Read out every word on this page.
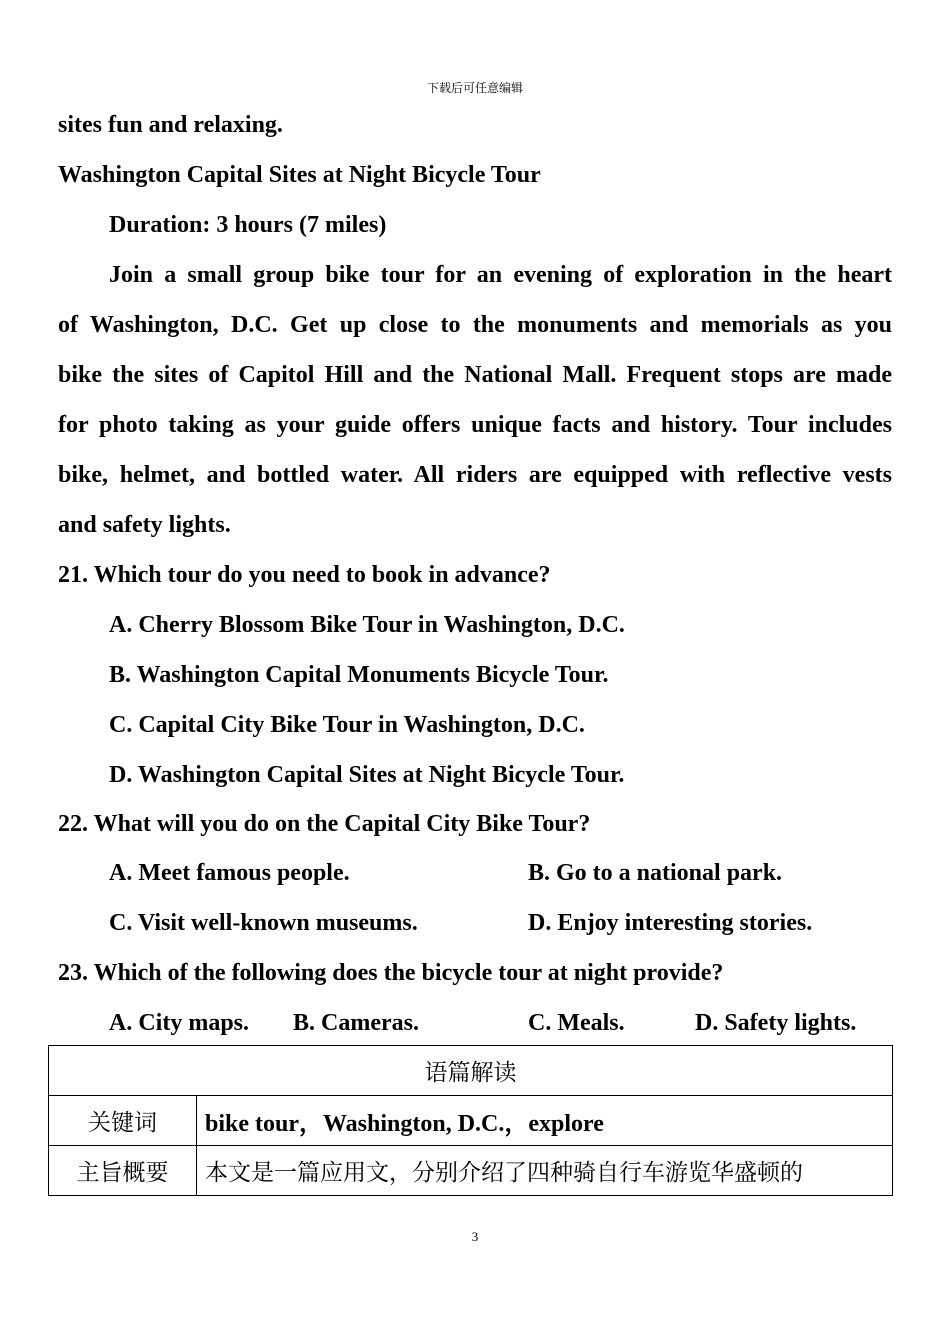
下载后可任意编辑
sites fun and relaxing.
Washington Capital Sites at Night Bicycle Tour
Duration: 3 hours (7 miles)
Join a small group bike tour for an evening of exploration in the heart
of Washington, D.C. Get up close to the monuments and memorials as you
bike the sites of Capitol Hill and the National Mall. Frequent stops are made
for photo taking as your guide offers unique facts and history. Tour includes
bike, helmet, and bottled water. All riders are equipped with reflective vests
and safety lights.
21. Which tour do you need to book in advance?
A. Cherry Blossom Bike Tour in Washington, D.C.
B. Washington Capital Monuments Bicycle Tour.
C. Capital City Bike Tour in Washington, D.C.
D. Washington Capital Sites at Night Bicycle Tour.
22. What will you do on the Capital City Bike Tour?
A. Meet famous people.	B. Go to a national park.
C. Visit well-known museums.	D. Enjoy interesting stories.
23. Which of the following does the bicycle tour at night provide?
A. City maps. B. Cameras.	C. Meals.	D. Safety lights.
语篇解读	
关键词	bike tour，Washington, D.C.，explore
主旨概要	本文是一篇应用文，分别介绍了四种骑自行车游览华盛顿的
3
